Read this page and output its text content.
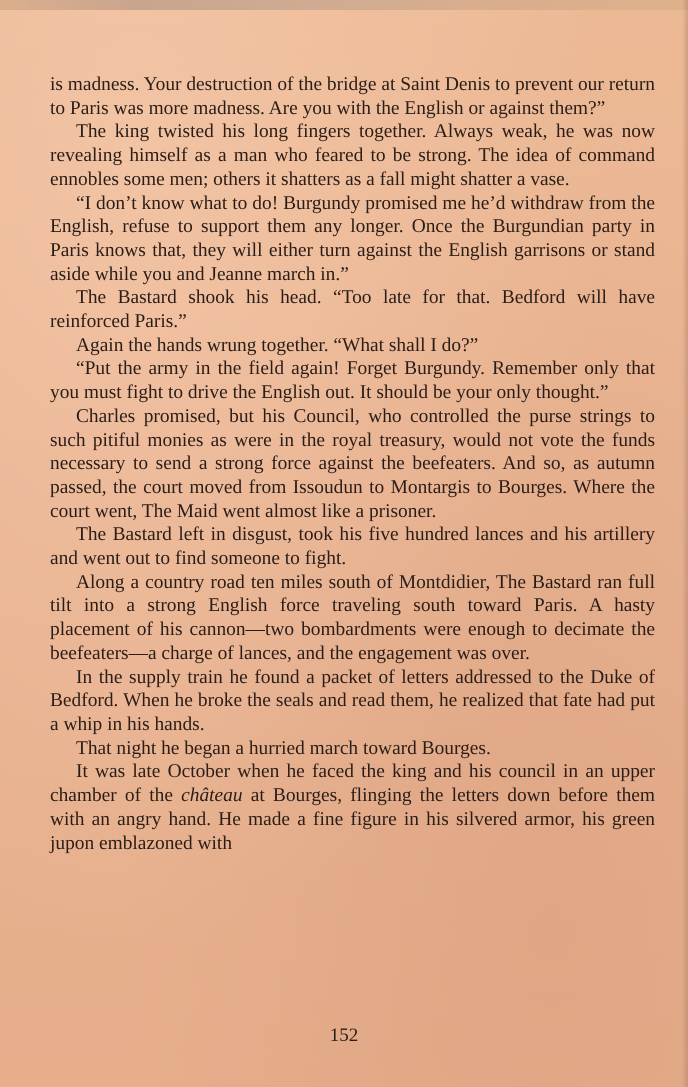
is madness. Your destruction of the bridge at Saint Denis to prevent our return to Paris was more madness. Are you with the English or against them?”

The king twisted his long fingers together. Always weak, he was now revealing himself as a man who feared to be strong. The idea of command ennobles some men; others it shatters as a fall might shatter a vase.

“I don’t know what to do! Burgundy promised me he’d withdraw from the English, refuse to support them any longer. Once the Burgundian party in Paris knows that, they will either turn against the English garrisons or stand aside while you and Jeanne march in.”

The Bastard shook his head. “Too late for that. Bedford will have reinforced Paris.”

Again the hands wrung together. “What shall I do?”

“Put the army in the field again! Forget Burgundy. Remember only that you must fight to drive the English out. It should be your only thought.”

Charles promised, but his Council, who controlled the purse strings to such pitiful monies as were in the royal treasury, would not vote the funds necessary to send a strong force against the beefeaters. And so, as autumn passed, the court moved from Issoudun to Montargis to Bourges. Where the court went, The Maid went almost like a prisoner.

The Bastard left in disgust, took his five hundred lances and his artillery and went out to find someone to fight.

Along a country road ten miles south of Montdidier, The Bastard ran full tilt into a strong English force traveling south toward Paris. A hasty placement of his cannon—two bombardments were enough to decimate the beefeaters—a charge of lances, and the engagement was over.

In the supply train he found a packet of letters addressed to the Duke of Bedford. When he broke the seals and read them, he realized that fate had put a whip in his hands.

That night he began a hurried march toward Bourges.

It was late October when he faced the king and his council in an upper chamber of the château at Bourges, flinging the letters down before them with an angry hand. He made a fine figure in his silvered armor, his green jupon emblazoned with

152
